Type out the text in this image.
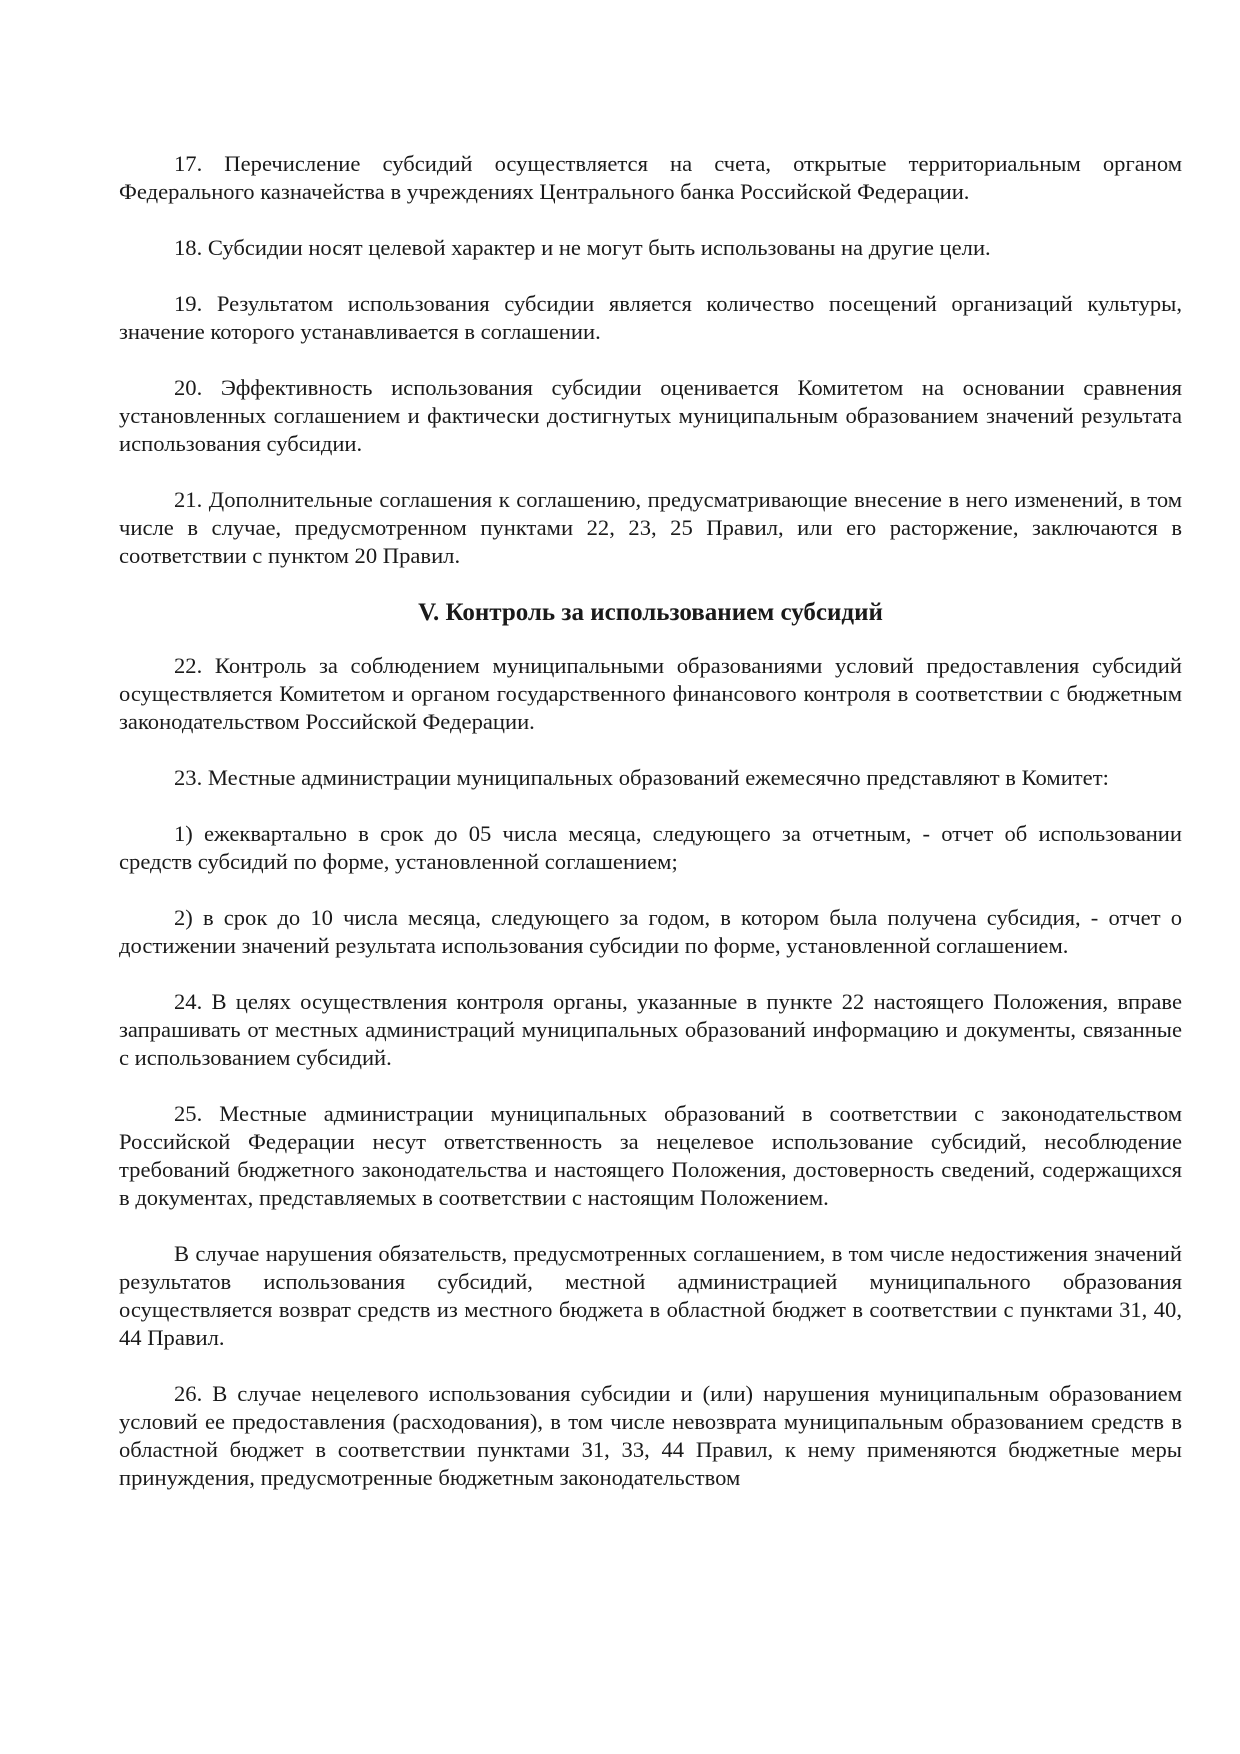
17. Перечисление субсидий осуществляется на счета, открытые территориальным органом Федерального казначейства в учреждениях Центрального банка Российской Федерации.

18. Субсидии носят целевой характер и не могут быть использованы на другие цели.

19. Результатом использования субсидии является количество посещений организаций культуры, значение которого устанавливается в соглашении.

20. Эффективность использования субсидии оценивается Комитетом на основании сравнения установленных соглашением и фактически достигнутых муниципальным образованием значений результата использования субсидии.

21. Дополнительные соглашения к соглашению, предусматривающие внесение в него изменений, в том числе в случае, предусмотренном пунктами 22, 23, 25 Правил, или его расторжение, заключаются в соответствии с пунктом 20 Правил.

V. Контроль за использованием субсидий

22. Контроль за соблюдением муниципальными образованиями условий предоставления субсидий осуществляется Комитетом и органом государственного финансового контроля в соответствии с бюджетным законодательством Российской Федерации.

23. Местные администрации муниципальных образований ежемесячно представляют в Комитет:

1) ежеквартально в срок до 05 числа месяца, следующего за отчетным, - отчет об использовании средств субсидий по форме, установленной соглашением;

2) в срок до 10 числа месяца, следующего за годом, в котором была получена субсидия, - отчет о достижении значений результата использования субсидии по форме, установленной соглашением.

24. В целях осуществления контроля органы, указанные в пункте 22 настоящего Положения, вправе запрашивать от местных администраций муниципальных образований информацию и документы, связанные с использованием субсидий.

25. Местные администрации муниципальных образований в соответствии с законодательством Российской Федерации несут ответственность за нецелевое использование субсидий, несоблюдение требований бюджетного законодательства и настоящего Положения, достоверность сведений, содержащихся в документах, представляемых в соответствии с настоящим Положением.

В случае нарушения обязательств, предусмотренных соглашением, в том числе недостижения значений результатов использования субсидий, местной администрацией муниципального образования осуществляется возврат средств из местного бюджета в областной бюджет в соответствии с пунктами 31, 40, 44 Правил.

26. В случае нецелевого использования субсидии и (или) нарушения муниципальным образованием условий ее предоставления (расходования), в том числе невозврата муниципальным образованием средств в областной бюджет в соответствии пунктами 31, 33, 44 Правил, к нему применяются бюджетные меры принуждения, предусмотренные бюджетным законодательством
